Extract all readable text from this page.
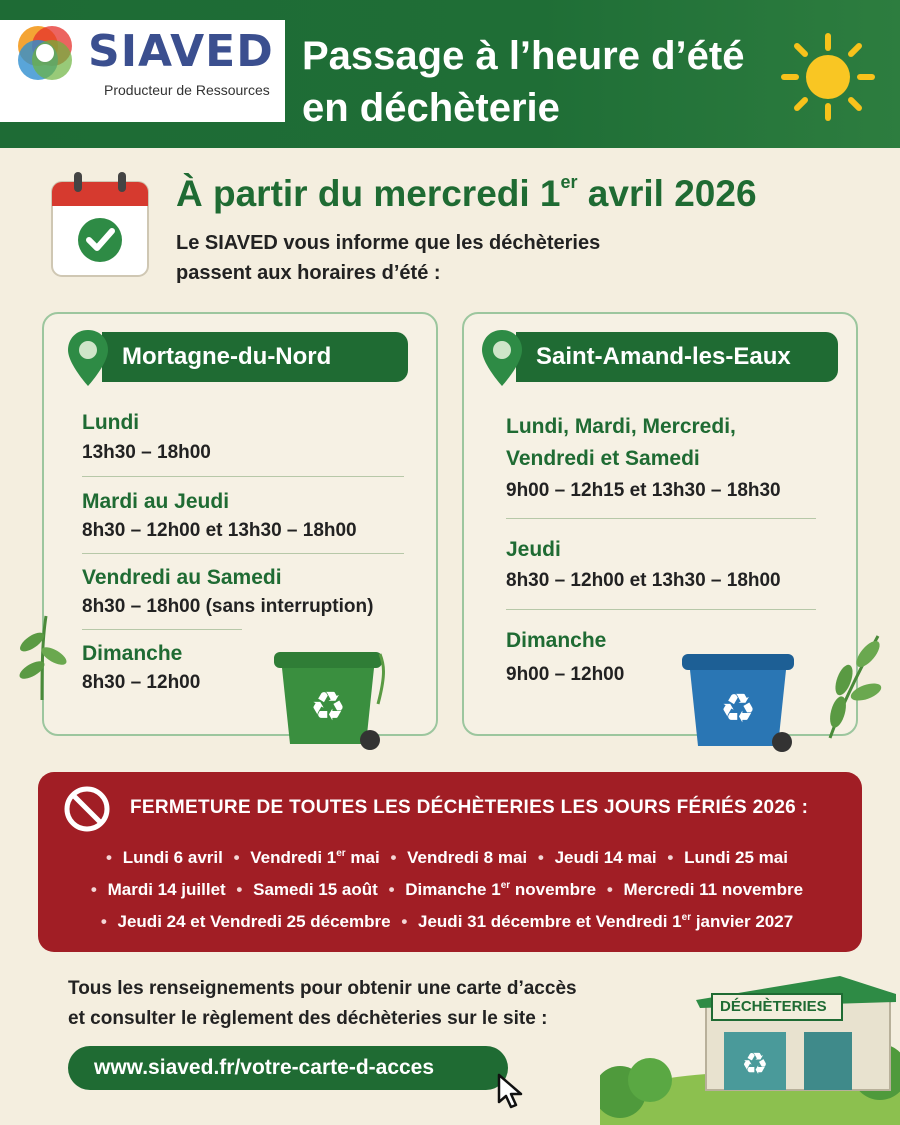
SIAVED
Producteur de Ressources
Passage à l’heure d’été
en déchèterie
À partir du mercredi 1er avril 2026
Le SIAVED vous informe que les déchèteries
passent aux horaires d’été :
Mortagne-du-Nord
Lundi
13h30 – 18h00
Mardi au Jeudi
8h30 – 12h00 et 13h30 – 18h00
Vendredi au Samedi
8h30 – 18h00 (sans interruption)
Dimanche
8h30 – 12h00
♻
Saint-Amand-les-Eaux
Lundi, Mardi, Mercredi,
Vendredi et Samedi
9h00 – 12h15 et 13h30 – 18h30
Jeudi
8h30 – 12h00 et 13h30 – 18h00
Dimanche
9h00 – 12h00
♻
FERMETURE DE TOUTES LES DÉCHÈTERIES LES JOURS FÉRIÉS 2026 :
• Lundi 6 avril • Vendredi 1er mai • Vendredi 8 mai • Jeudi 14 mai • Lundi 25 mai
• Mardi 14 juillet • Samedi 15 août • Dimanche 1er novembre • Mercredi 11 novembre
• Jeudi 24 et Vendredi 25 décembre • Jeudi 31 décembre et Vendredi 1er janvier 2027
Tous les renseignements pour obtenir une carte d’accès
et consulter le règlement des déchèteries sur le site :
www.siaved.fr/votre-carte-d-acces	♻
DÉCHÈTERIES
